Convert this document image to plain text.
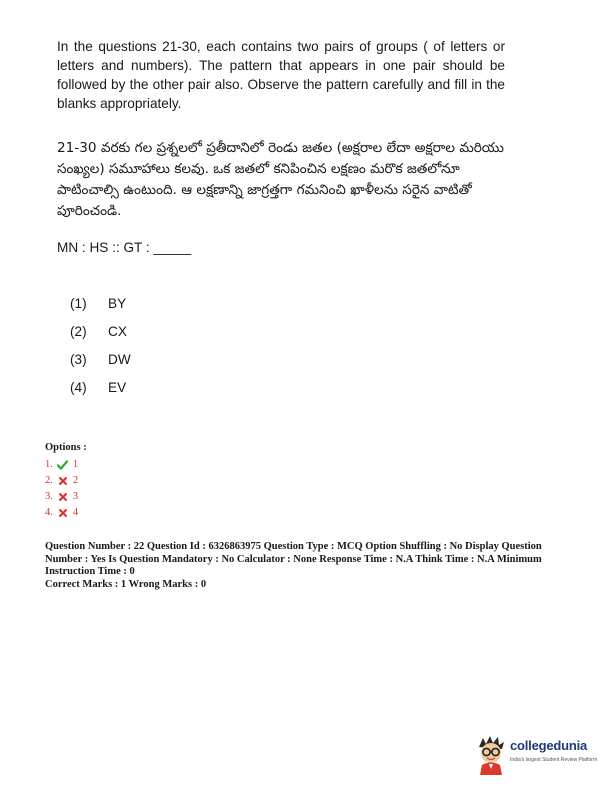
In the questions 21-30, each contains two pairs of groups ( of letters or letters and numbers). The pattern that appears in one pair should be followed by the other pair also. Observe the pattern carefully and fill in the blanks appropriately.

21-30 వరకు గల ప్రశ్నలలో ప్రతీదానిలో రెండు జతల (అక్షరాల లేదా అక్షరాల మరియు సంఖ్యల) సమూహాలు కలవు. ఒక జతలో కనిపించిన లక్షణం మరొక జతలోనూ పాటించాల్సి ఉంటుంది. ఆ లక్షణాన్ని జాగ్రత్తగా గమనించి ఖాళీలను సరైన వాటితో పూరించండి.

MN : HS :: GT : _____

(1)	BY
(2)	CX
(3)	DW
(4)	EV
Options :
1. 1
2. 2
3. 3
4. 4

Question Number : 22 Question Id : 6326863975 Question Type : MCQ Option Shuffling : No Display Question Number : Yes Is Question Mandatory : No Calculator : None Response Time : N.A Think Time : N.A Minimum Instruction Time : 0

Correct Marks : 1 Wrong Marks : 0

collegedunia
India's largest Student Review Platform
